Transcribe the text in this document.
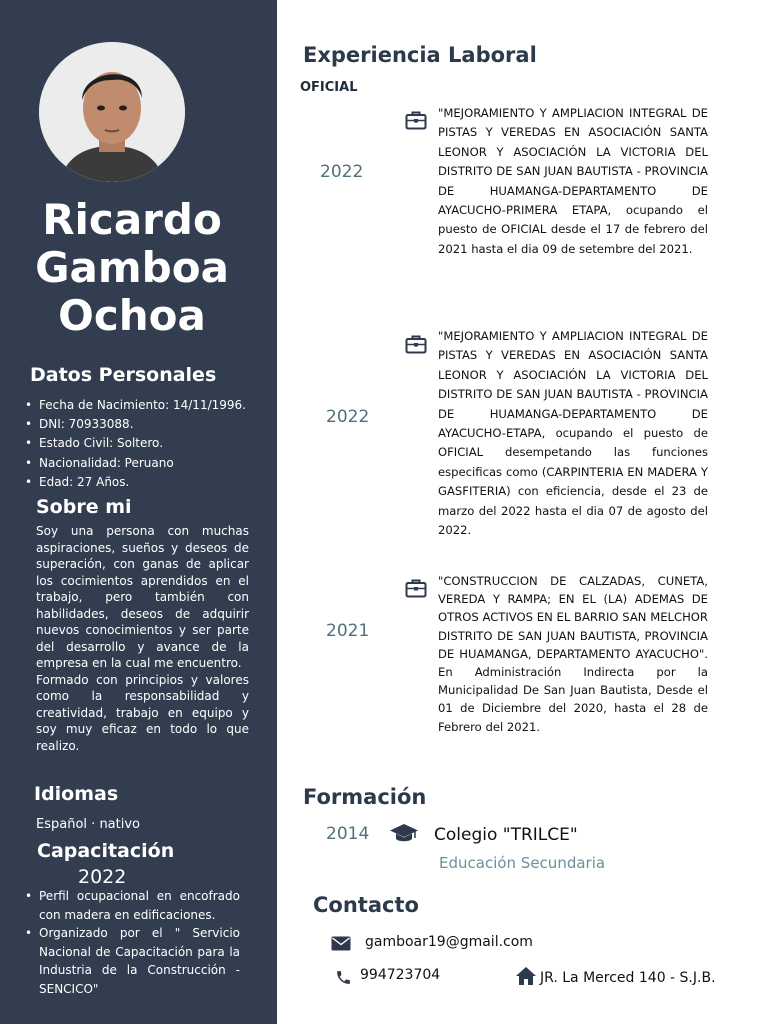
Ricardo
Gamboa
Ochoa
Datos Personales
• Fecha de Nacimiento: 14/11/1996.
• DNI: 70933088.
• Estado Civil: Soltero.
• Nacionalidad: Peruano
• Edad: 27 Años.
Sobre mi

Soy una persona con muchas aspiraciones, sueños y deseos de superación, con ganas de aplicar los cocimientos aprendidos en el trabajo, pero también con habilidades, deseos de adquirir nuevos conocimientos y ser parte del desarrollo y avance de la empresa en la cual me encuentro.

Formado con principios y valores como la responsabilidad y creatividad, trabajo en equipo y soy muy eficaz en todo lo que realizo.

Idiomas
Español · nativo
Capacitación
2022
• Perfil ocupacional en encofrado con madera en edificaciones.
• Organizado por el " Servicio Nacional de Capacitación para la Industria de la Construcción - SENCICO"
Experiencia Laboral
OFICIAL
2022
"MEJORAMIENTO Y AMPLIACION INTEGRAL DE PISTAS Y VEREDAS EN ASOCIACIÓN SANTA LEONOR Y ASOCIACIÓN LA VICTORIA DEL DISTRITO DE SAN JUAN BAUTISTA - PROVINCIA DE HUAMANGA-DEPARTAMENTO DE AYACUCHO-PRIMERA ETAPA, ocupando el puesto de OFICIAL desde el 17 de febrero del 2021 hasta el dia 09 de setembre del 2021.
2022
"MEJORAMIENTO Y AMPLIACION INTEGRAL DE PISTAS Y VEREDAS EN ASOCIACIÓN SANTA LEONOR Y ASOCIACIÓN LA VICTORIA DEL DISTRITO DE SAN JUAN BAUTISTA - PROVINCIA DE HUAMANGA-DEPARTAMENTO DE AYACUCHO-ETAPA, ocupando el puesto de OFICIAL desempetando las funciones especificas como (CARPINTERIA EN MADERA Y GASFITERIA) con eficiencia, desde el 23 de marzo del 2022 hasta el dia 07 de agosto del 2022.
2021
"CONSTRUCCION DE CALZADAS, CUNETA, VEREDA Y RAMPA; EN EL (LA) ADEMAS DE OTROS ACTIVOS EN EL BARRIO SAN MELCHOR DISTRITO DE SAN JUAN BAUTISTA, PROVINCIA DE HUAMANGA, DEPARTAMENTO AYACUCHO". En Administración Indirecta por la Municipalidad De San Juan Bautista, Desde el 01 de Diciembre del 2020, hasta el 28 de Febrero del 2021.
Formación
2014	Colegio "TRILCE"
Educación Secundaria
Contacto
gamboar19@gmail.com
994723704	JR. La Merced 140 - S.J.B.
